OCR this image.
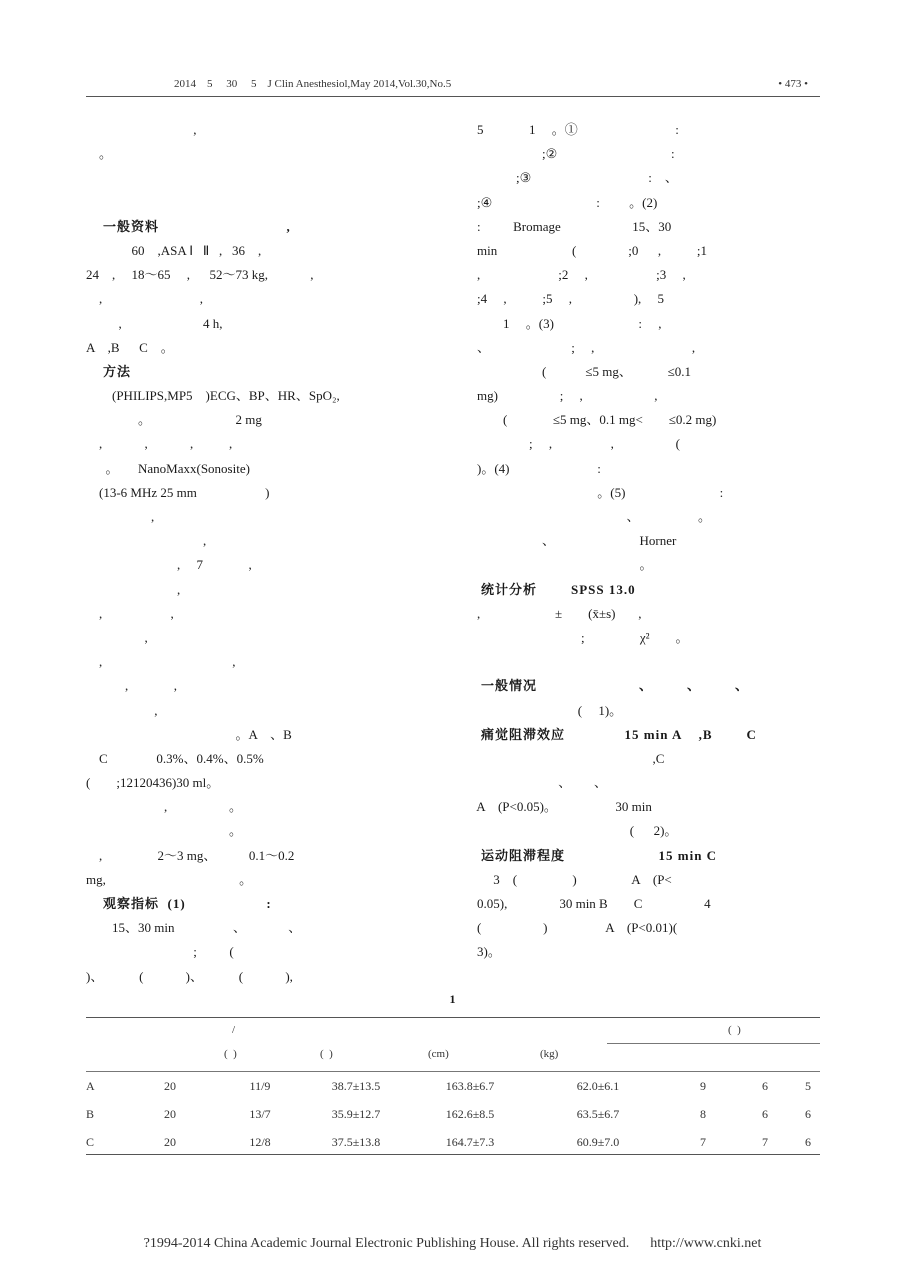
2014    5     30     5    J Clin Anesthesiol,May 2014,Vol.30,No.5	• 473 •
,
。
一般资料                              ,
60    ,ASA Ⅰ   Ⅱ   ,   36    ,
24    ,     18～65     ,      52～73 kg,             ,
,                              ,
,                         4 h,
A    ,B      C    。
方法
(PHILIPS,MP5    )ECG、BP、HR、SpO₂,
。                          2 mg
,             ,             ,           ,
。      NanoMaxx(Sonosite)
(13-6 MHz 25 mm                     )
,
,
,     7              ,
,
,                     ,
,
,                                        ,
,              ,
,
。A    、B
C               0.3%、0.4%、0.5%
(        ;12120436)30 ml。
,                   。
。
,                 2～3 mg、          0.1～0.2
mg,                                         。
观察指标  (1)                   :
15、30 min                  、             、
;          (
)、           (             )、           (             ),
5              1     。①                              :
;②                                   :
;③                                    :    、
;④                                :         。(2)
:          Bromage                      15、30
min                       (                ;0      ,           ;1
,                        ;2     ,                     ;3     ,
;4     ,           ;5     ,                   ),     5
1     。(3)                          :     ,
、                         ;     ,                              ,
(            ≤5 mg、           ≤0.1
mg)                   ;     ,                      ,
(              ≤5 mg、0.1 mg<        ≤0.2 mg)
;     ,                  ,                   (
)。(4)                           :
。(5)                             :
、                  。
、                          Horner
。
统计分析        SPSS 13.0
,                       ±        (x̄±s)       ,
;                 χ²        。
一般情况                        、        、        、
(     1)。
痛觉阻滞效应              15 min A    ,B        C
,C
、       、
A    (P<0.05)。                  30 min
(      2)。
运动阻滞程度                      15 min C
3    (                 )                 A    (P<
0.05),                30 min B        C                   4
(                   )                  A    (P<0.01)(
3)。
1
/	(  )
(  )	(  )	(cm)	(kg)
A	20	11/9	38.7±13.5	163.8±6.7	62.0±6.1	9	6	5
B	20	13/7	35.9±12.7	162.6±8.5	63.5±6.7	8	6	6
C	20	12/8	37.5±13.8	164.7±7.3	60.9±7.0	7	7	6
?1994-2014 China Academic Journal Electronic Publishing House. All rights reserved.      http://www.cnki.net
